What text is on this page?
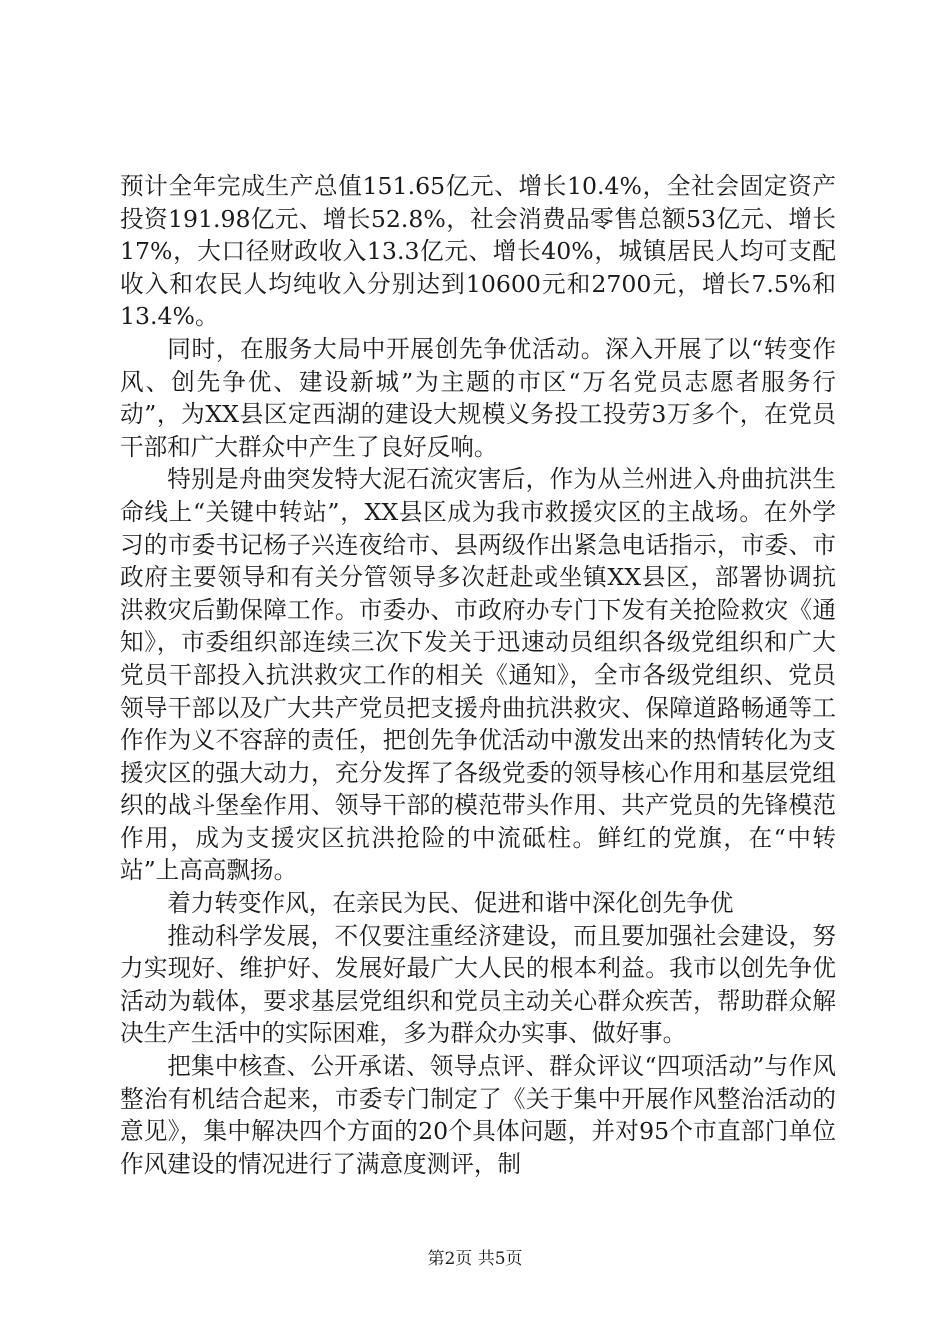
预计全年完成生产总值151.65亿元、增长10.4%，全社会固定资产投资191.98亿元、增长52.8%，社会消费品零售总额53亿元、增长17%，大口径财政收入13.3亿元、增长40%，城镇居民人均可支配收入和农民人均纯收入分别达到10600元和2700元，增长7.5%和13.4%。

同时，在服务大局中开展创先争优活动。深入开展了以“转变作风、创先争优、建设新城”为主题的市区“万名党员志愿者服务行动”，为XX县区定西湖的建设大规模义务投工投劳3万多个，在党员干部和广大群众中产生了良好反响。

特别是舟曲突发特大泥石流灾害后，作为从兰州进入舟曲抗洪生命线上“关键中转站”，XX县区成为我市救援灾区的主战场。在外学习的市委书记杨子兴连夜给市、县两级作出紧急电话指示，市委、市政府主要领导和有关分管领导多次赶赴或坐镇XX县区，部署协调抗洪救灾后勤保障工作。市委办、市政府办专门下发有关抢险救灾《通知》，市委组织部连续三次下发关于迅速动员组织各级党组织和广大党员干部投入抗洪救灾工作的相关《通知》，全市各级党组织、党员领导干部以及广大共产党员把支援舟曲抗洪救灾、保障道路畅通等工作作为义不容辞的责任，把创先争优活动中激发出来的热情转化为支援灾区的强大动力，充分发挥了各级党委的领导核心作用和基层党组织的战斗堡垒作用、领导干部的模范带头作用、共产党员的先锋模范作用，成为支援灾区抗洪抢险的中流砥柱。鲜红的党旗，在“中转站”上高高飘扬。

着力转变作风，在亲民为民、促进和谐中深化创先争优

推动科学发展，不仅要注重经济建设，而且要加强社会建设，努力实现好、维护好、发展好最广大人民的根本利益。我市以创先争优活动为载体，要求基层党组织和党员主动关心群众疾苦，帮助群众解决生产生活中的实际困难，多为群众办实事、做好事。

把集中核查、公开承诺、领导点评、群众评议“四项活动”与作风整治有机结合起来，市委专门制定了《关于集中开展作风整治活动的意见》，集中解决四个方面的20个具体问题，并对95个市直部门单位作风建设的情况进行了满意度测评，制

第2页 共5页
